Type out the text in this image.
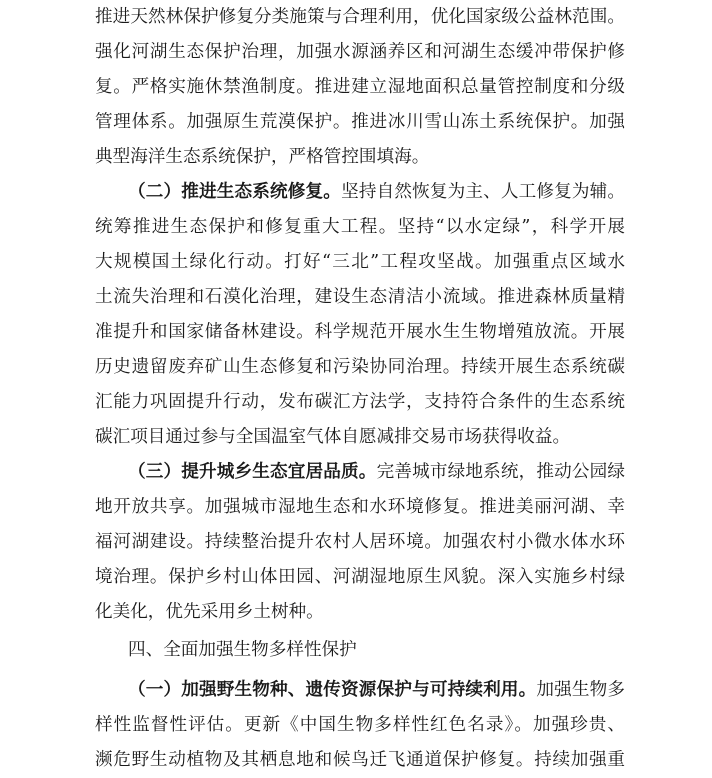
推进天然林保护修复分类施策与合理利用，优化国家级公益林范围。
强化河湖生态保护治理，加强水源涵养区和河湖生态缓冲带保护修
复。严格实施休禁渔制度。推进建立湿地面积总量管控制度和分级
管理体系。加强原生荒漠保护。推进冰川雪山冻土系统保护。加强
典型海洋生态系统保护，严格管控围填海。
（二）推进生态系统修复。坚持自然恢复为主、人工修复为辅。
统筹推进生态保护和修复重大工程。坚持“以水定绿”，科学开展
大规模国土绿化行动。打好“三北”工程攻坚战。加强重点区域水
土流失治理和石漠化治理，建设生态清洁小流域。推进森林质量精
准提升和国家储备林建设。科学规范开展水生生物增殖放流。开展
历史遗留废弃矿山生态修复和污染协同治理。持续开展生态系统碳
汇能力巩固提升行动，发布碳汇方法学，支持符合条件的生态系统
碳汇项目通过参与全国温室气体自愿减排交易市场获得收益。
（三）提升城乡生态宜居品质。完善城市绿地系统，推动公园绿
地开放共享。加强城市湿地生态和水环境修复。推进美丽河湖、幸
福河湖建设。持续整治提升农村人居环境。加强农村小微水体水环
境治理。保护乡村山体田园、河湖湿地原生风貌。深入实施乡村绿
化美化，优先采用乡土树种。
四、全面加强生物多样性保护
（一）加强野生物种、遗传资源保护与可持续利用。加强生物多
样性监督性评估。更新《中国生物多样性红色名录》。加强珍贵、
濒危野生动植物及其栖息地和候鸟迁飞通道保护修复。持续加强重
